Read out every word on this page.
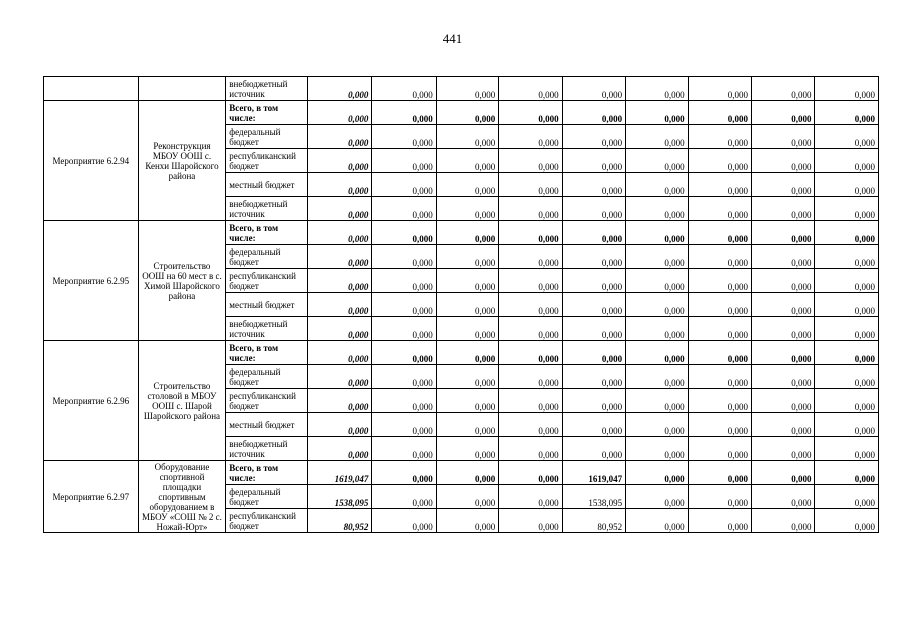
441
		внебюджетный источник	0,000	0,000	0,000	0,000	0,000	0,000	0,000	0,000	0,000
Мероприятие 6.2.94	Реконструкция МБОУ ООШ с. Кенхи Шаройского района	Всего, в том числе:	0,000	0,000	0,000	0,000	0,000	0,000	0,000	0,000	0,000
		федеральный бюджет	0,000	0,000	0,000	0,000	0,000	0,000	0,000	0,000	0,000
		республиканский бюджет	0,000	0,000	0,000	0,000	0,000	0,000	0,000	0,000	0,000
		местный бюджет	0,000	0,000	0,000	0,000	0,000	0,000	0,000	0,000	0,000
		внебюджетный источник	0,000	0,000	0,000	0,000	0,000	0,000	0,000	0,000	0,000
Мероприятие 6.2.95	Строительство ООШ на 60 мест в с. Химой Шаройского района	Всего, в том числе:	0,000	0,000	0,000	0,000	0,000	0,000	0,000	0,000	0,000
		федеральный бюджет	0,000	0,000	0,000	0,000	0,000	0,000	0,000	0,000	0,000
		республиканский бюджет	0,000	0,000	0,000	0,000	0,000	0,000	0,000	0,000	0,000
		местный бюджет	0,000	0,000	0,000	0,000	0,000	0,000	0,000	0,000	0,000
		внебюджетный источник	0,000	0,000	0,000	0,000	0,000	0,000	0,000	0,000	0,000
Мероприятие 6.2.96	Строительство столовой в МБОУ ООШ с. Шарой Шаройского района	Всего, в том числе:	0,000	0,000	0,000	0,000	0,000	0,000	0,000	0,000	0,000
		федеральный бюджет	0,000	0,000	0,000	0,000	0,000	0,000	0,000	0,000	0,000
		республиканский бюджет	0,000	0,000	0,000	0,000	0,000	0,000	0,000	0,000	0,000
		местный бюджет	0,000	0,000	0,000	0,000	0,000	0,000	0,000	0,000	0,000
		внебюджетный источник	0,000	0,000	0,000	0,000	0,000	0,000	0,000	0,000	0,000
Мероприятие 6.2.97	Оборудование спортивной площадки спортивным оборудованием в МБОУ «СОШ № 2 с. Ножай-Юрт»	Всего, в том числе:	1619,047	0,000	0,000	0,000	1619,047	0,000	0,000	0,000	0,000
		федеральный бюджет	1538,095	0,000	0,000	0,000	1538,095	0,000	0,000	0,000	0,000
		республиканский бюджет	80,952	0,000	0,000	0,000	80,952	0,000	0,000	0,000	0,000
